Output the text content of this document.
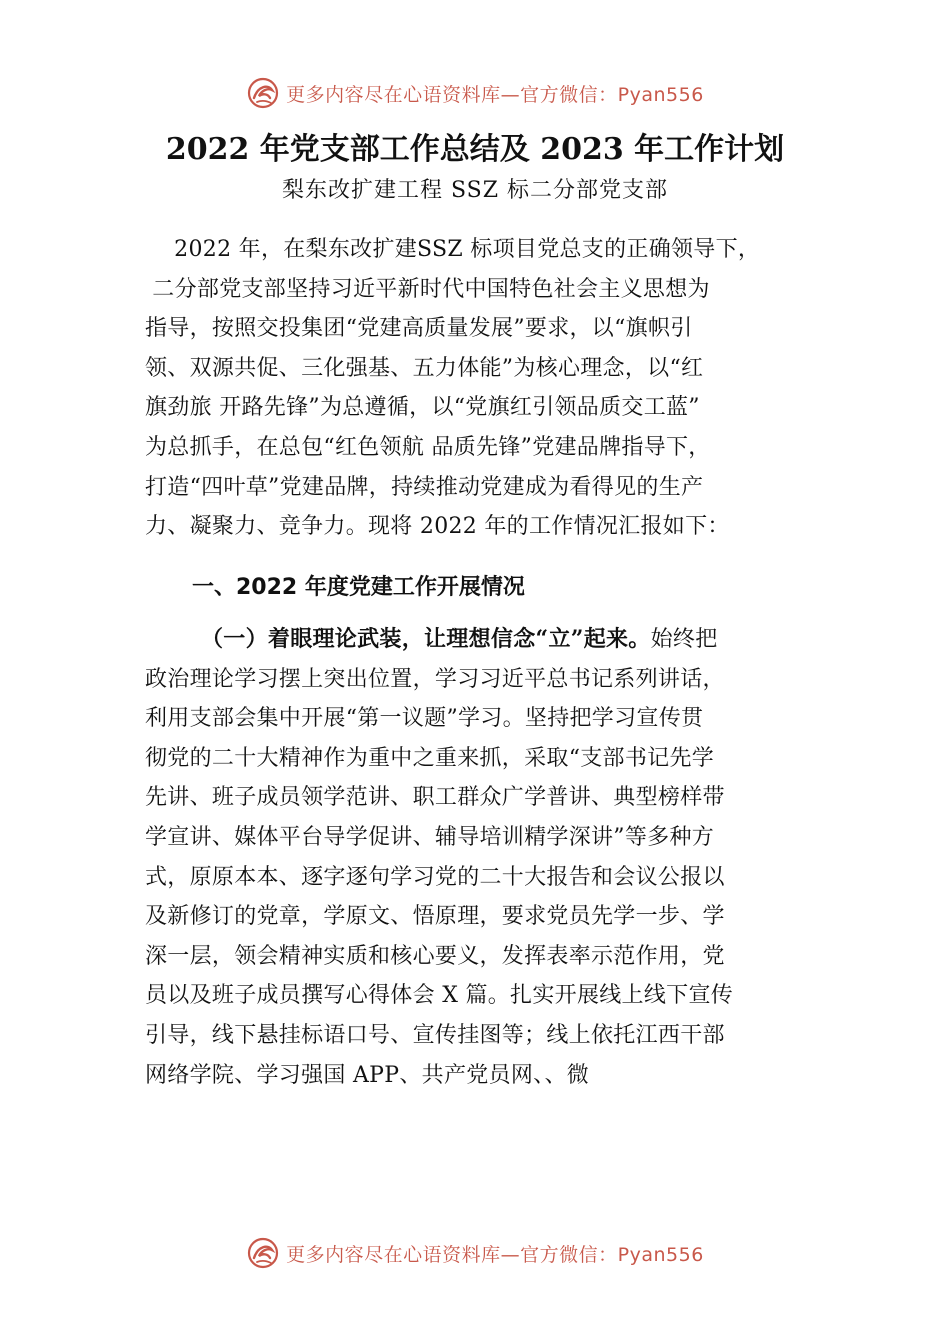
更多内容尽在心语资料库—官方微信：Pyan556
2022 年党支部工作总结及 2023 年工作计划
梨东改扩建工程 SSZ 标二分部党支部
2022 年，在梨东改扩建SSZ 标项目党总支的正确领导下，
二分部党支部坚持习近平新时代中国特色社会主义思想为
指导，按照交投集团“党建高质量发展”要求，以“旗帜引
领、双源共促、三化强基、五力体能”为核心理念，以“红
旗劲旅 开路先锋”为总遵循，以“党旗红引领品质交工蓝”
为总抓手，在总包“红色领航 品质先锋”党建品牌指导下，
打造“四叶草”党建品牌，持续推动党建成为看得见的生产
力、凝聚力、竞争力。现将 2022 年的工作情况汇报如下：
一、2022 年度党建工作开展情况
（一）着眼理论武装，让理想信念“立”起来。始终把
政治理论学习摆上突出位置，学习习近平总书记系列讲话，
利用支部会集中开展“第一议题”学习。坚持把学习宣传贯
彻党的二十大精神作为重中之重来抓，采取“支部书记先学
先讲、班子成员领学范讲、职工群众广学普讲、典型榜样带
学宣讲、媒体平台导学促讲、辅导培训精学深讲”等多种方
式，原原本本、逐字逐句学习党的二十大报告和会议公报以
及新修订的党章，学原文、悟原理，要求党员先学一步、学
深一层，领会精神实质和核心要义，发挥表率示范作用，党
员以及班子成员撰写心得体会 X 篇。扎实开展线上线下宣传
引导，线下悬挂标语口号、宣传挂图等；线上依托江西干部
网络学院、学习强国 APP、共产党员网、、微
更多内容尽在心语资料库—官方微信：Pyan556
